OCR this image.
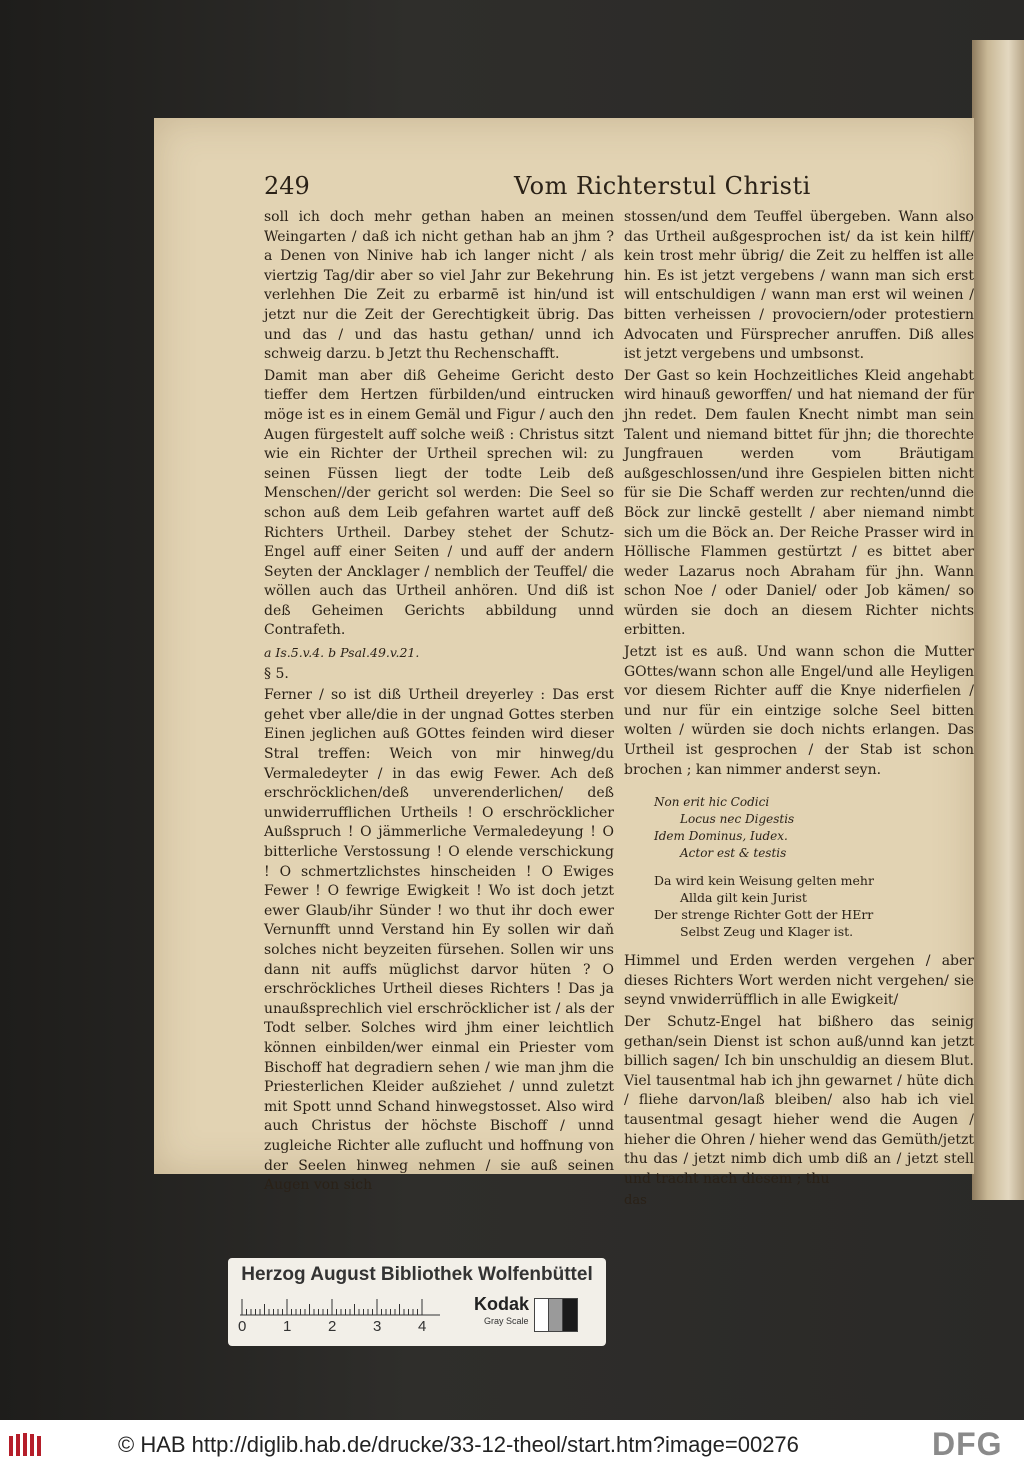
249	Vom Richterstul Christi

soll ich doch mehr gethan haben an meinen Weingarten / daß ich nicht gethan hab an jhm ? a Denen von Ninive hab ich langer nicht / als viertzig Tag/dir aber so viel Jahr zur Bekehrung verlehhen Die Zeit zu erbarmē ist hin/und ist jetzt nur die Zeit der Gerechtigkeit übrig. Das und das / und das hastu gethan/ unnd ich schweig darzu. b Jetzt thu Rechenschafft.

Damit man aber diß Geheime Gericht desto tieffer dem Hertzen fürbilden/und eintrucken möge ist es in einem Gemäl und Figur / auch den Augen fürgestelt auff solche weiß : Christus sitzt wie ein Richter der Urtheil sprechen wil: zu seinen Füssen liegt der todte Leib deß Menschen//der gericht sol werden: Die Seel so schon auß dem Leib gefahren wartet auff deß Richters Urtheil. Darbey stehet der Schutz-Engel auff einer Seiten / und auff der andern Seyten der Ancklager / nemblich der Teuffel/ die wöllen auch das Urtheil anhören. Und diß ist deß Geheimen Gerichts abbildung unnd Contrafeth.

a Is.5.v.4. b Psal.49.v.21.

§ 5.

Ferner / so ist diß Urtheil dreyerley : Das erst gehet vber alle/die in der ungnad Gottes sterben Einen jeglichen auß GOttes feinden wird dieser Stral treffen: Weich von mir hinweg/du Vermaledeyter / in das ewig Fewer. Ach deß erschröcklichen/deß unverenderlichen/ deß unwiderrufflichen Urtheils ! O erschröcklicher Außspruch ! O jämmerliche Vermaledeyung ! O bitterliche Verstossung ! O elende verschickung ! O schmertzlichstes hinscheiden ! O Ewiges Fewer ! O fewrige Ewigkeit ! Wo ist doch jetzt ewer Glaub/ihr Sünder ! wo thut ihr doch ewer Vernunfft unnd Verstand hin Ey sollen wir daň solches nicht beyzeiten fürsehen. Sollen wir uns dann nit auffs müglichst darvor hüten ? O erschröckliches Urtheil dieses Richters ! Das ja unaußsprechlich viel erschröcklicher ist / als der Todt selber. Solches wird jhm einer leichtlich können einbilden/wer einmal ein Priester vom Bischoff hat degradiern sehen / wie man jhm die Priesterlichen Kleider außziehet / unnd zuletzt mit Spott unnd Schand hinwegstosset. Also wird auch Christus der höchste Bischoff / unnd zugleiche Richter alle zuflucht und hoffnung von der Seelen hinweg nehmen / sie auß seinen Augen von sich

stossen/und dem Teuffel übergeben. Wann also das Urtheil außgesprochen ist/ da ist kein hilff/ kein trost mehr übrig/ die Zeit zu helffen ist alle hin. Es ist jetzt vergebens / wann man sich erst will entschuldigen / wann man erst wil weinen / bitten verheissen / provociern/oder protestiern Advocaten und Fürsprecher anruffen. Diß alles ist jetzt vergebens und umbsonst.

Der Gast so kein Hochzeitliches Kleid angehabt wird hinauß geworffen/ und hat niemand der für jhn redet. Dem faulen Knecht nimbt man sein Talent und niemand bittet für jhn; die thorechte Jungfrauen werden vom Bräutigam außgeschlossen/und ihre Gespielen bitten nicht für sie Die Schaff werden zur rechten/unnd die Böck zur linckē gestellt / aber niemand nimbt sich um die Böck an. Der Reiche Prasser wird in Höllische Flammen gestürtzt / es bittet aber weder Lazarus noch Abraham für jhn. Wann schon Noe / oder Daniel/ oder Job kämen/ so würden sie doch an diesem Richter nichts erbitten.

Jetzt ist es auß. Und wann schon die Mutter GOttes/wann schon alle Engel/und alle Heyligen vor diesem Richter auff die Knye niderfielen / und nur für ein eintzige solche Seel bitten wolten / würden sie doch nichts erlangen. Das Urtheil ist gesprochen / der Stab ist schon brochen ; kan nimmer anderst seyn.

Non erit hic Codici
Locus nec Digestis
Idem Dominus, Iudex.
Actor est & testis
Da wird kein Weisung gelten mehr
Allda gilt kein Jurist
Der strenge Richter Gott der HErr
Selbst Zeug und Klager ist.

Himmel und Erden werden vergehen / aber dieses Richters Wort werden nicht vergehen/ sie seynd vnwiderrüfflich in alle Ewigkeit/

Der Schutz-Engel hat bißhero das seinig gethan/sein Dienst ist schon auß/unnd kan jetzt billich sagen/ Ich bin unschuldig an diesem Blut. Viel tausentmal hab ich jhn gewarnet / hüte dich / fliehe darvon/laß bleiben/ also hab ich viel tausentmal gesagt hieher wend die Augen / hieher die Ohren / hieher wend das Gemüth/jetzt thu das / jetzt nimb dich umb diß an / jetzt stell und tracht nach diesem ; thu

das

Herzog August Bibliothek Wolfenbüttel
0 1 2 3 4
Kodak
Gray Scale
© HAB http://diglib.hab.de/drucke/33-12-theol/start.htm?image=00276	DFG
